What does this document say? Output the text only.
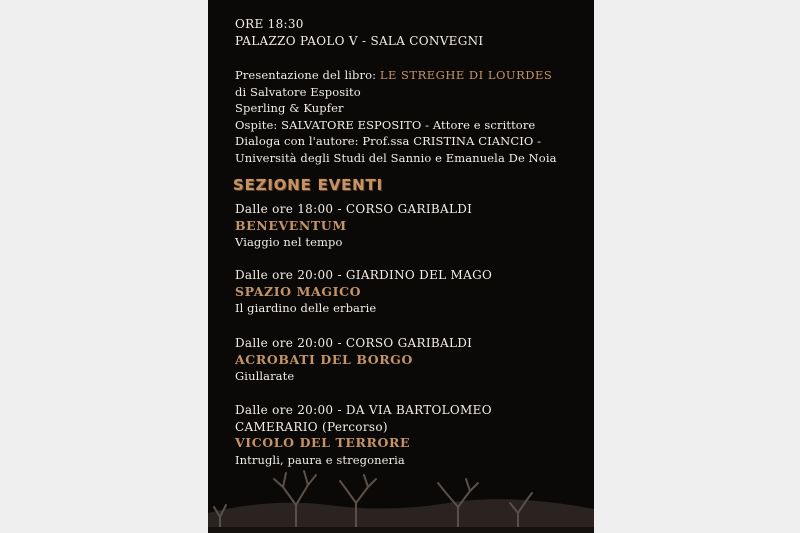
ORE 18:30
PALAZZO PAOLO V - SALA CONVEGNI
Presentazione del libro: LE STREGHE DI LOURDES
di Salvatore Esposito
Sperling & Kupfer
Ospite: SALVATORE ESPOSITO - Attore e scrittore
Dialoga con l'autore: Prof.ssa CRISTINA CIANCIO -
Università degli Studi del Sannio e Emanuela De Noia
SEZIONE EVENTI
Dalle ore 18:00 - CORSO GARIBALDI
BENEVENTUM
Viaggio nel tempo
Dalle ore 20:00 - GIARDINO DEL MAGO
SPAZIO MAGICO
Il giardino delle erbarie
Dalle ore 20:00 - CORSO GARIBALDI
ACROBATI DEL BORGO
Giullarate
Dalle ore 20:00 - DA VIA BARTOLOMEO
CAMERARIO (Percorso)
VICOLO DEL TERRORE
Intrugli, paura e stregoneria
